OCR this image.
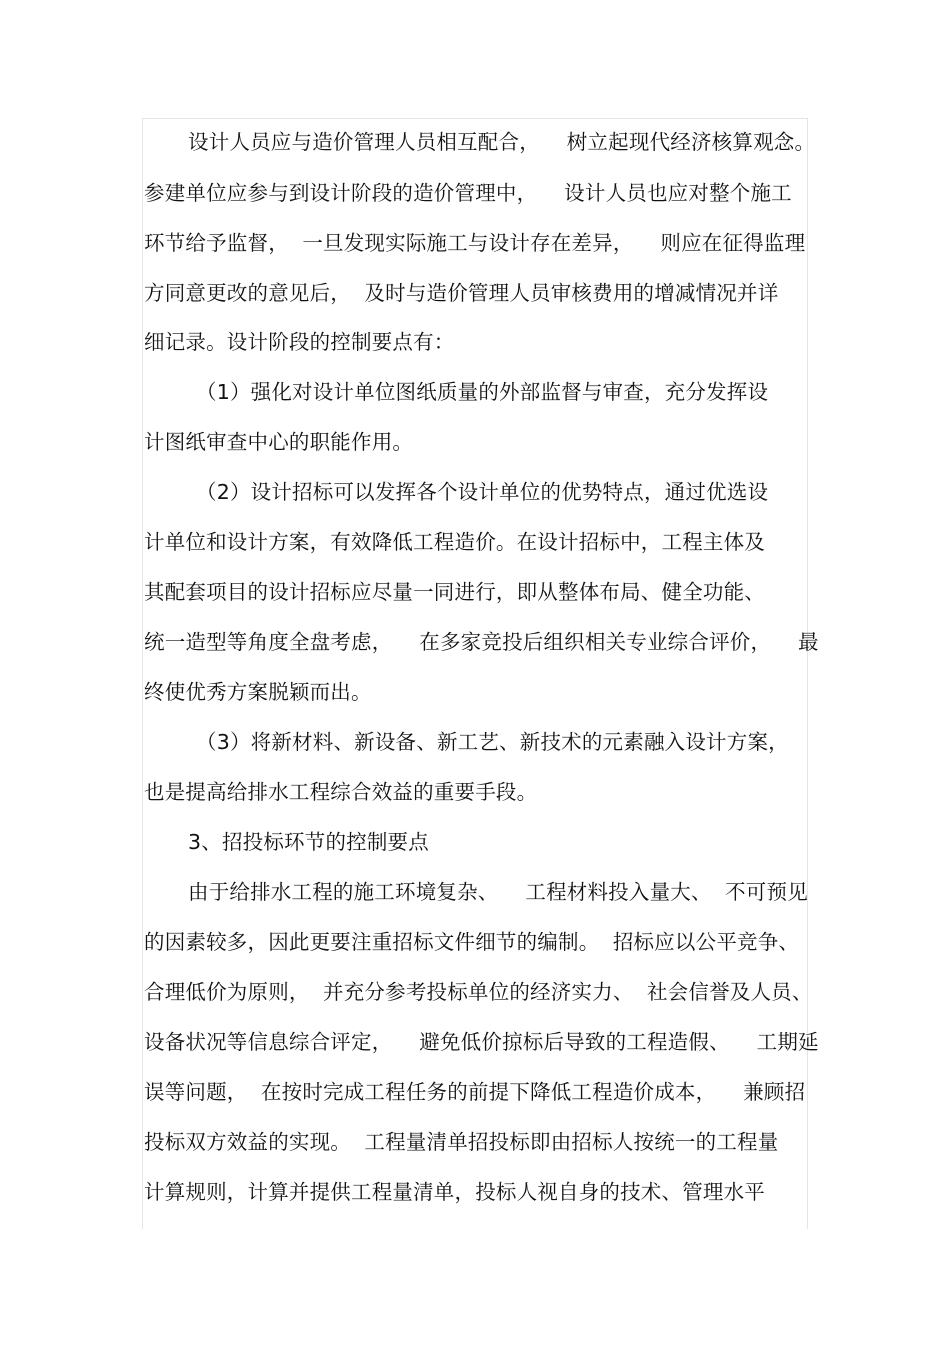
设计人员应与造价管理人员相互配合，    树立起现代经济核算观念。
参建单位应参与到设计阶段的造价管理中，    设计人员也应对整个施工
环节给予监督，  一旦发现实际施工与设计存在差异，    则应在征得监理
方同意更改的意见后，  及时与造价管理人员审核费用的增减情况并详
细记录。设计阶段的控制要点有：
（1）强化对设计单位图纸质量的外部监督与审查，充分发挥设
计图纸审查中心的职能作用。
（2）设计招标可以发挥各个设计单位的优势特点，通过优选设
计单位和设计方案，有效降低工程造价。在设计招标中，工程主体及
其配套项目的设计招标应尽量一同进行，即从整体布局、健全功能、
统一造型等角度全盘考虑，    在多家竞投后组织相关专业综合评价，    最
终使优秀方案脱颖而出。
（3）将新材料、新设备、新工艺、新技术的元素融入设计方案，
也是提高给排水工程综合效益的重要手段。
3、招投标环节的控制要点
由于给排水工程的施工环境复杂、    工程材料投入量大、  不可预见
的因素较多，因此更要注重招标文件细节的编制。  招标应以公平竞争、
合理低价为原则，  并充分参考投标单位的经济实力、  社会信誉及人员、
设备状况等信息综合评定，    避免低价掠标后导致的工程造假、    工期延
误等问题，  在按时完成工程任务的前提下降低工程造价成本，    兼顾招
投标双方效益的实现。  工程量清单招投标即由招标人按统一的工程量
计算规则，计算并提供工程量清单，投标人视自身的技术、管理水平
